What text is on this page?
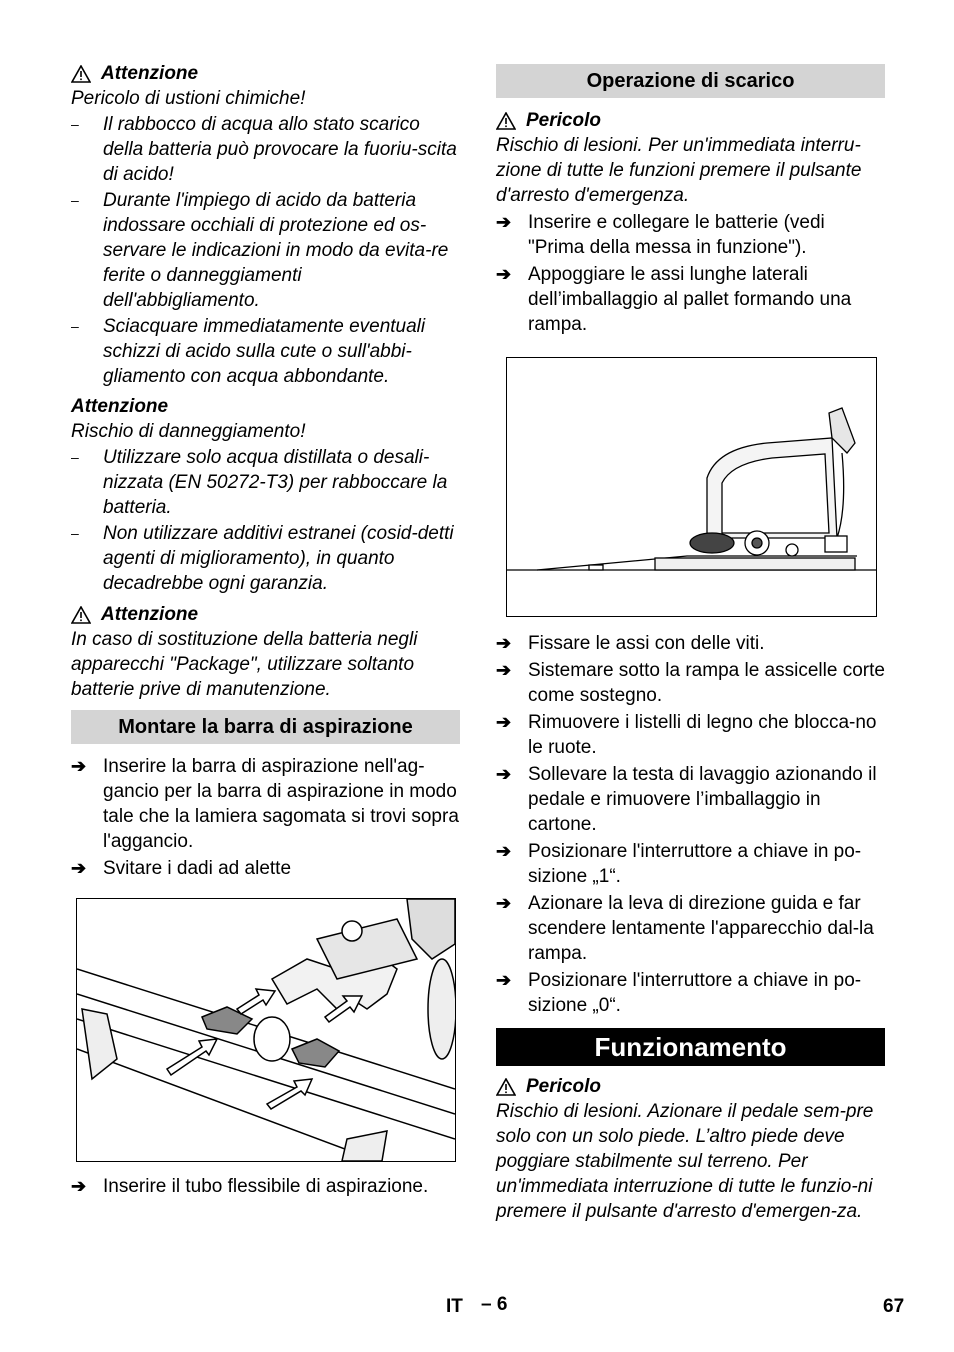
Attenzione

Pericolo di ustioni chimiche!

–	Il rabbocco di acqua allo stato scarico della batteria può provocare la fuoriu-scita di acido!
–	Durante l'impiego di acido da batteria indossare occhiali di protezione ed os-servare le indicazioni in modo da evita-re ferite o danneggiamenti dell'abbigliamento.
–	Sciacquare immediatamente eventuali schizzi di acido sulla cute o sull'abbi-gliamento con acqua abbondante.
Attenzione

Rischio di danneggiamento!

–	Utilizzare solo acqua distillata o desali-nizzata (EN 50272-T3) per rabboccare la batteria.
–	Non utilizzare additivi estranei (cosid-detti agenti di miglioramento), in quanto decadrebbe ogni garanzia.
Attenzione

In caso di sostituzione della batteria negli apparecchi "Package", utilizzare soltanto batterie prive di manutenzione.

Montare la barra di aspirazione
➔ Inserire la barra di aspirazione nell'ag-gancio per la barra di aspirazione in modo tale che la lamiera sagomata si trovi sopra l'aggancio.
➔ Svitare i dadi ad alette
➔ Inserire il tubo flessibile di aspirazione.
Operazione di scarico
Pericolo

Rischio di lesioni. Per un'immediata interru-zione di tutte le funzioni premere il pulsante d'arresto d'emergenza.

➔ Inserire e collegare le batterie (vedi "Prima della messa in funzione").
➔ Appoggiare le assi lunghe laterali dell’imballaggio al pallet formando una rampa.
➔ Fissare le assi con delle viti.
➔ Sistemare sotto la rampa le assicelle corte come sostegno.
➔ Rimuovere i listelli di legno che blocca-no le ruote.
➔ Sollevare la testa di lavaggio azionando il pedale e rimuovere l’imballaggio in cartone.
➔ Posizionare l'interruttore a chiave in po-sizione „1“.
➔ Azionare la leva di direzione guida e far scendere lentamente l'apparecchio dal-la rampa.
➔ Posizionare l'interruttore a chiave in po-sizione „0“.
Funzionamento
Pericolo

Rischio di lesioni. Azionare il pedale sem-pre solo con un solo piede. L’altro piede deve poggiare stabilmente sul terreno. Per un'immediata interruzione di tutte le funzio-ni premere il pulsante d'arresto d'emergen-za.

IT – 6	67
